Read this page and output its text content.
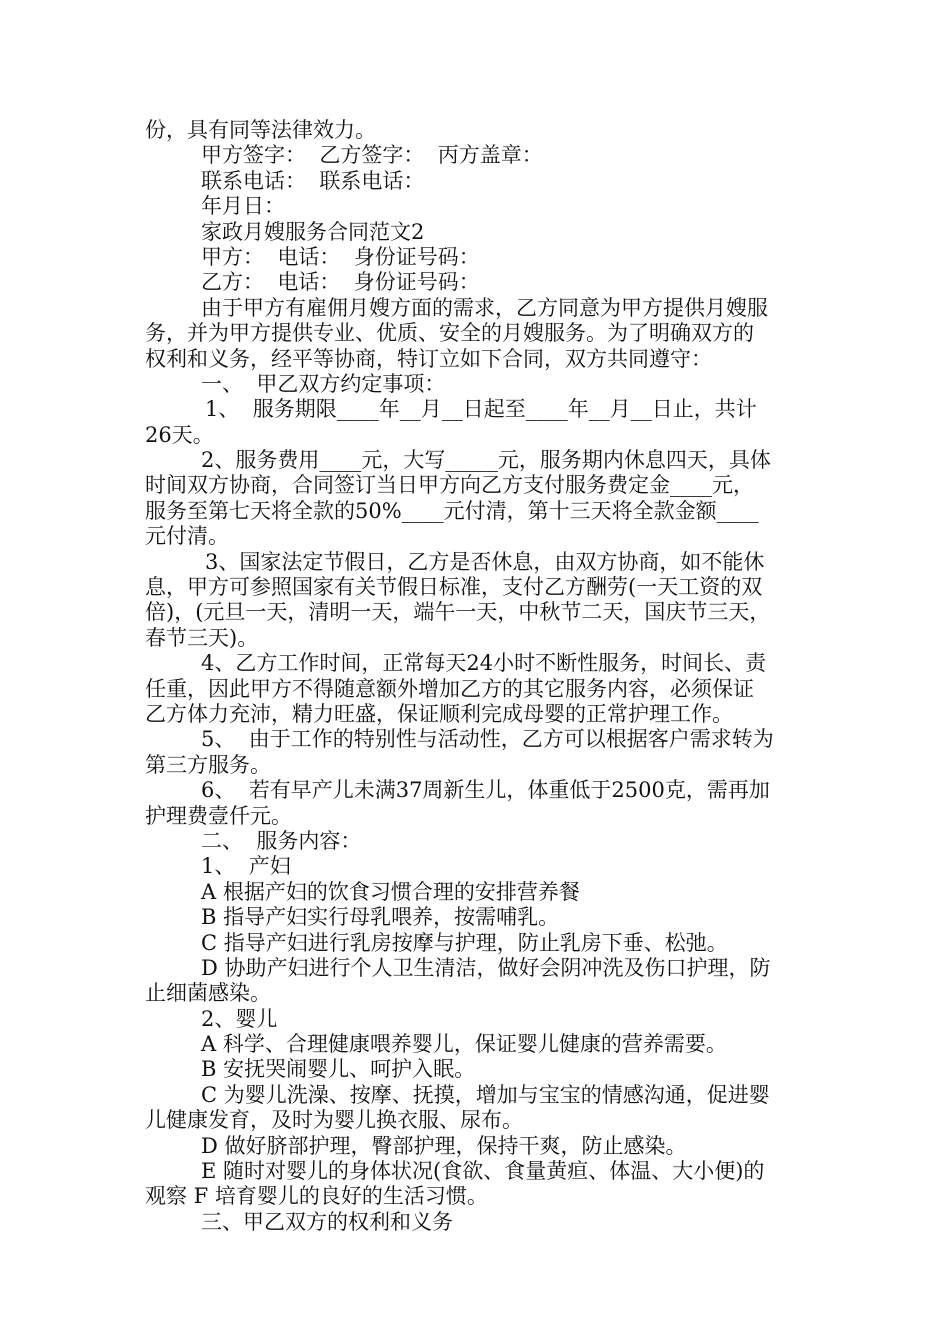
份，具有同等法律效力。
甲方签字：  乙方签字：  丙方盖章：
联系电话：  联系电话：
年月日：
家政月嫂服务合同范文2
甲方：  电话：  身份证号码：
乙方：  电话：  身份证号码：
由于甲方有雇佣月嫂方面的需求，乙方同意为甲方提供月嫂服
务，并为甲方提供专业、优质、安全的月嫂服务。为了明确双方的
权利和义务，经平等协商，特订立如下合同，双方共同遵守：
一、  甲乙双方约定事项：
1、  服务期限____年__月__日起至____年__月__日止，共计
26天。
2、服务费用____元，大写_____元，服务期内休息四天，具体
时间双方协商，合同签订当日甲方向乙方支付服务费定金____元，
服务至第七天将全款的50%____元付清，第十三天将全款金额____
元付清。
3、国家法定节假日，乙方是否休息，由双方协商，如不能休
息，甲方可参照国家有关节假日标准，支付乙方酬劳(一天工资的双
倍)，(元旦一天，清明一天，端午一天，中秋节二天，国庆节三天，
春节三天)。
4、乙方工作时间，正常每天24小时不断性服务，时间长、责
任重，因此甲方不得随意额外增加乙方的其它服务内容，必须保证
乙方体力充沛，精力旺盛，保证顺利完成母婴的正常护理工作。
5、  由于工作的特别性与活动性，乙方可以根据客户需求转为
第三方服务。
6、  若有早产儿未满37周新生儿，体重低于2500克，需再加
护理费壹仟元。
二、  服务内容：
1、  产妇
A 根据产妇的饮食习惯合理的安排营养餐
B 指导产妇实行母乳喂养，按需哺乳。
C 指导产妇进行乳房按摩与护理，防止乳房下垂、松弛。
D 协助产妇进行个人卫生清洁，做好会阴冲洗及伤口护理，防
止细菌感染。
2、婴儿
A 科学、合理健康喂养婴儿，保证婴儿健康的营养需要。
B 安抚哭闹婴儿、呵护入眠。
C 为婴儿洗澡、按摩、抚摸，增加与宝宝的情感沟通，促进婴
儿健康发育，及时为婴儿换衣服、尿布。
D 做好脐部护理，臀部护理，保持干爽，防止感染。
E 随时对婴儿的身体状况(食欲、食量黄疸、体温、大小便)的
观察 F 培育婴儿的良好的生活习惯。
三、甲乙双方的权利和义务
